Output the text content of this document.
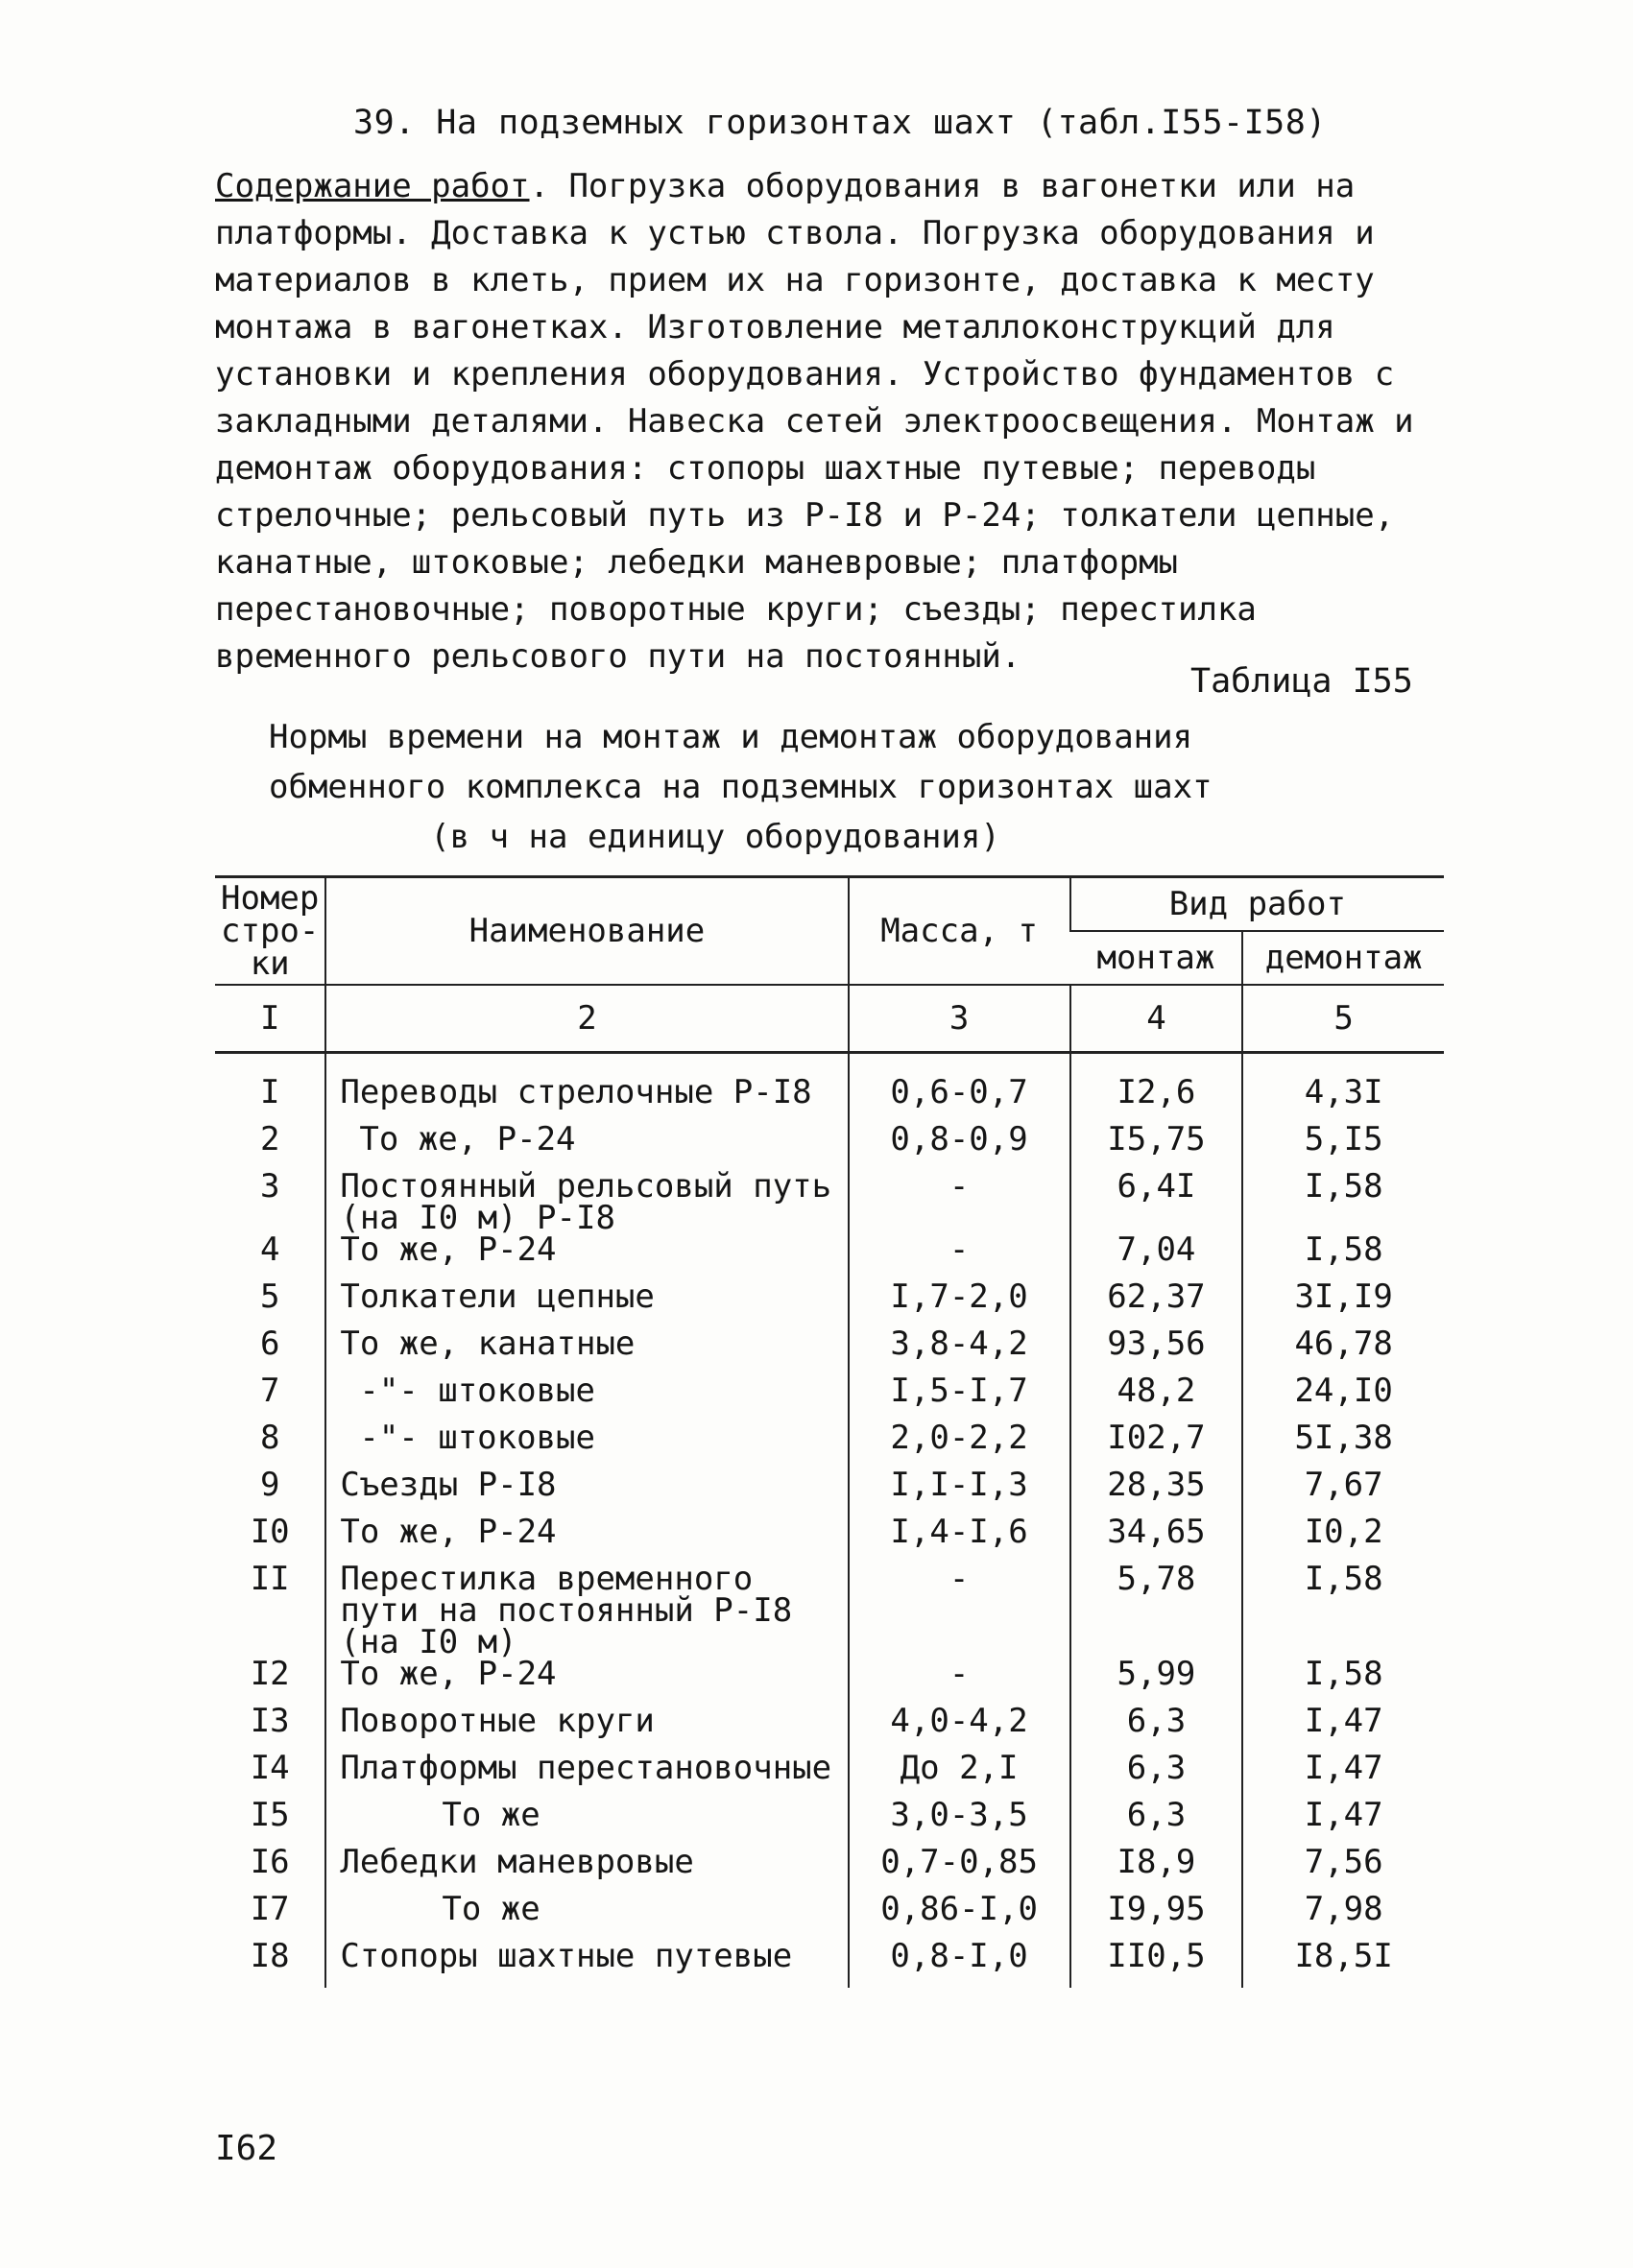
39. На подземных горизонтах шахт (табл.I55-I58)
Содержание работ. Погрузка оборудования в вагонетки или на платформы. Доставка к устью ствола. Погрузка оборудования и материалов в клеть, прием их на горизонте, доставка к месту монтажа в вагонетках. Изготовление металлоконструкций для установки и крепления оборудования. Устройство фундаментов с закладными деталями. Навеска сетей электроосвещения. Монтаж и демонтаж оборудования: стопоры шахтные путевые; переводы стрелочные; рельсовый путь из Р-I8 и Р-24; толкатели цепные, канатные, штоковые; лебедки маневровые; платформы перестановочные; поворотные круги; съезды; перестилка временного рельсового пути на постоянный.
Таблица I55
Нормы времени на монтаж и демонтаж оборудования
обменного комплекса на подземных горизонтах шахт
(в ч на единицу оборудования)
Номер стро-ки	Наименование	Масса, т	Вид работ	
			монтаж	демонтаж
I	2	3	4	5
I	Переводы стрелочные Р-I8	0,6-0,7	I2,6	4,3I
2	То же, Р-24	0,8-0,9	I5,75	5,I5
3	Постоянный рельсовый путь (на I0 м) Р-I8	-	6,4I	I,58
4	То же, Р-24	-	7,04	I,58
5	Толкатели цепные	I,7-2,0	62,37	3I,I9
6	То же, канатные	3,8-4,2	93,56	46,78
7	-"- штоковые	I,5-I,7	48,2	24,I0
8	-"- штоковые	2,0-2,2	I02,7	5I,38
9	Съезды Р-I8	I,I-I,3	28,35	7,67
I0	То же, Р-24	I,4-I,6	34,65	I0,2
II	Перестилка временного пути на постоянный Р-I8 (на I0 м)	-	5,78	I,58
I2	То же, Р-24	-	5,99	I,58
I3	Поворотные круги	4,0-4,2	6,3	I,47
I4	Платформы перестановочные	До 2,I	6,3	I,47
I5	То же	3,0-3,5	6,3	I,47
I6	Лебедки маневровые	0,7-0,85	I8,9	7,56
I7	То же	0,86-I,0	I9,95	7,98
I8	Стопоры шахтные путевые	0,8-I,0	II0,5	I8,5I
I62
